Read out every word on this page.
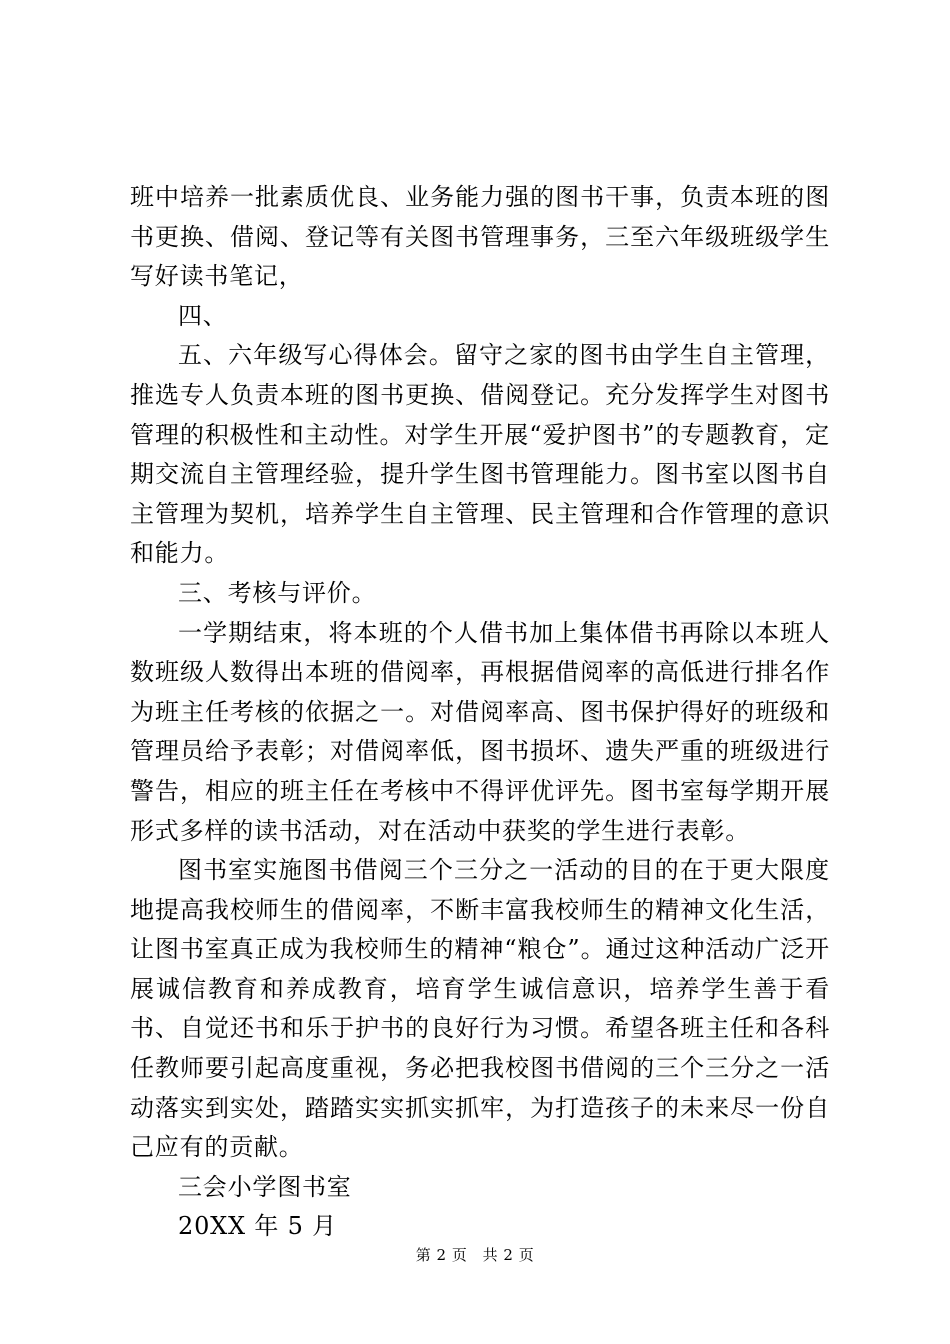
班中培养一批素质优良、业务能力强的图书干事，负责本班的图书更换、借阅、登记等有关图书管理事务，三至六年级班级学生写好读书笔记，

四、

五、六年级写心得体会。留守之家的图书由学生自主管理，推选专人负责本班的图书更换、借阅登记。充分发挥学生对图书管理的积极性和主动性。对学生开展“爱护图书”的专题教育，定期交流自主管理经验，提升学生图书管理能力。图书室以图书自主管理为契机，培养学生自主管理、民主管理和合作管理的意识和能力。

三、考核与评价。

一学期结束，将本班的个人借书加上集体借书再除以本班人数班级人数得出本班的借阅率，再根据借阅率的高低进行排名作为班主任考核的依据之一。对借阅率高、图书保护得好的班级和管理员给予表彰；对借阅率低，图书损坏、遗失严重的班级进行警告，相应的班主任在考核中不得评优评先。图书室每学期开展形式多样的读书活动，对在活动中获奖的学生进行表彰。

图书室实施图书借阅三个三分之一活动的目的在于更大限度地提高我校师生的借阅率，不断丰富我校师生的精神文化生活，让图书室真正成为我校师生的精神“粮仓”。通过这种活动广泛开展诚信教育和养成教育，培育学生诚信意识，培养学生善于看书、自觉还书和乐于护书的良好行为习惯。希望各班主任和各科任教师要引起高度重视，务必把我校图书借阅的三个三分之一活动落实到实处，踏踏实实抓实抓牢，为打造孩子的未来尽一份自己应有的贡献。

三会小学图书室

20XX 年 5 月

第 2 页 共 2 页
